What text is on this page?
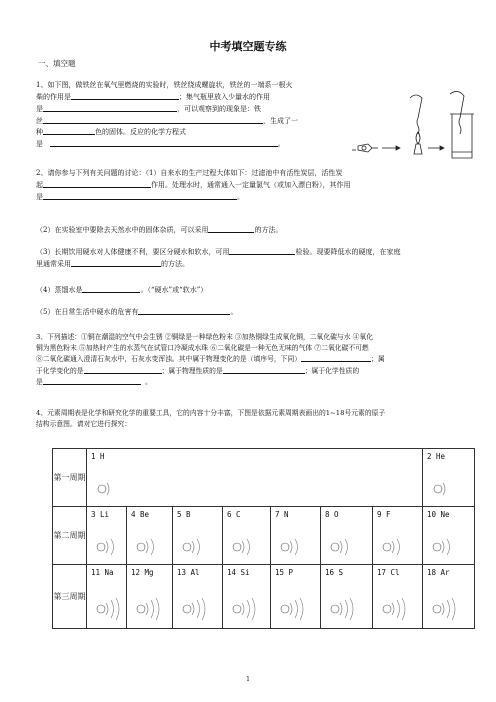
中考填空题专练
一、填空题
1、如下图，做铁丝在氧气里燃烧的实验时，铁丝绕成螺旋状，铁丝的一端系一根火
柴的作用是	；集气瓶里放入少量水的作用
是	，可以观察到的现象是：铁
丝	，生成了一
种	色的固体。反应的化学方程式
是	。
2、请你参与下列有关问题的讨论：（1）自来水的生产过程大体如下：过滤池中有活性炭层，活性炭
起	作用。处理水时，通常通入一定量氯气（或加入漂白粉），其作用
是	。
（2）在实验室中要除去天然水中的固体杂质，可以采用	的方法。
（3）长期饮用硬水对人体健康不利，要区分硬水和软水，可用	检验。现要降低水的硬度，在家庭
里通常采用	的方法。
（4）蒸馏水是	。（“硬水”或“软水”）
（5）在日常生活中硬水的危害有	。
3、下列描述：①铜在潮湿的空气中会生锈 ②铜绿是一种绿色粉末 ③加热铜绿生成氧化铜，二氧化碳与水 ④氧化
铜为黑色粉末 ⑤加热时产生的水蒸气在试管口冷凝成水珠 ⑥二氧化碳是一种无色无味的气体 ⑦二氧化碳不可燃
⑧二氧化碳通入澄清石灰水中，石灰水变浑浊。其中属于物理变化的是（填序号，下同）	；属
于化学变化的是	；属于物理性质的是	；属于化学性质的
是	。
4、元素周期表是化学和研究化学的重要工具，它的内容十分丰富，下图是依据元素周期表画出的1~18号元素的原子
结构示意图。请对它进行探究：
第一周期	1 H							2 He

第二周期	3 Li	4 Be	5 B	6 C	7 N	8 O	9 F	10 Ne

第三周期	11 Na	12 Mg	13 Al	14 Si	15 P	16 S	17 Cl	18 Ar
1
